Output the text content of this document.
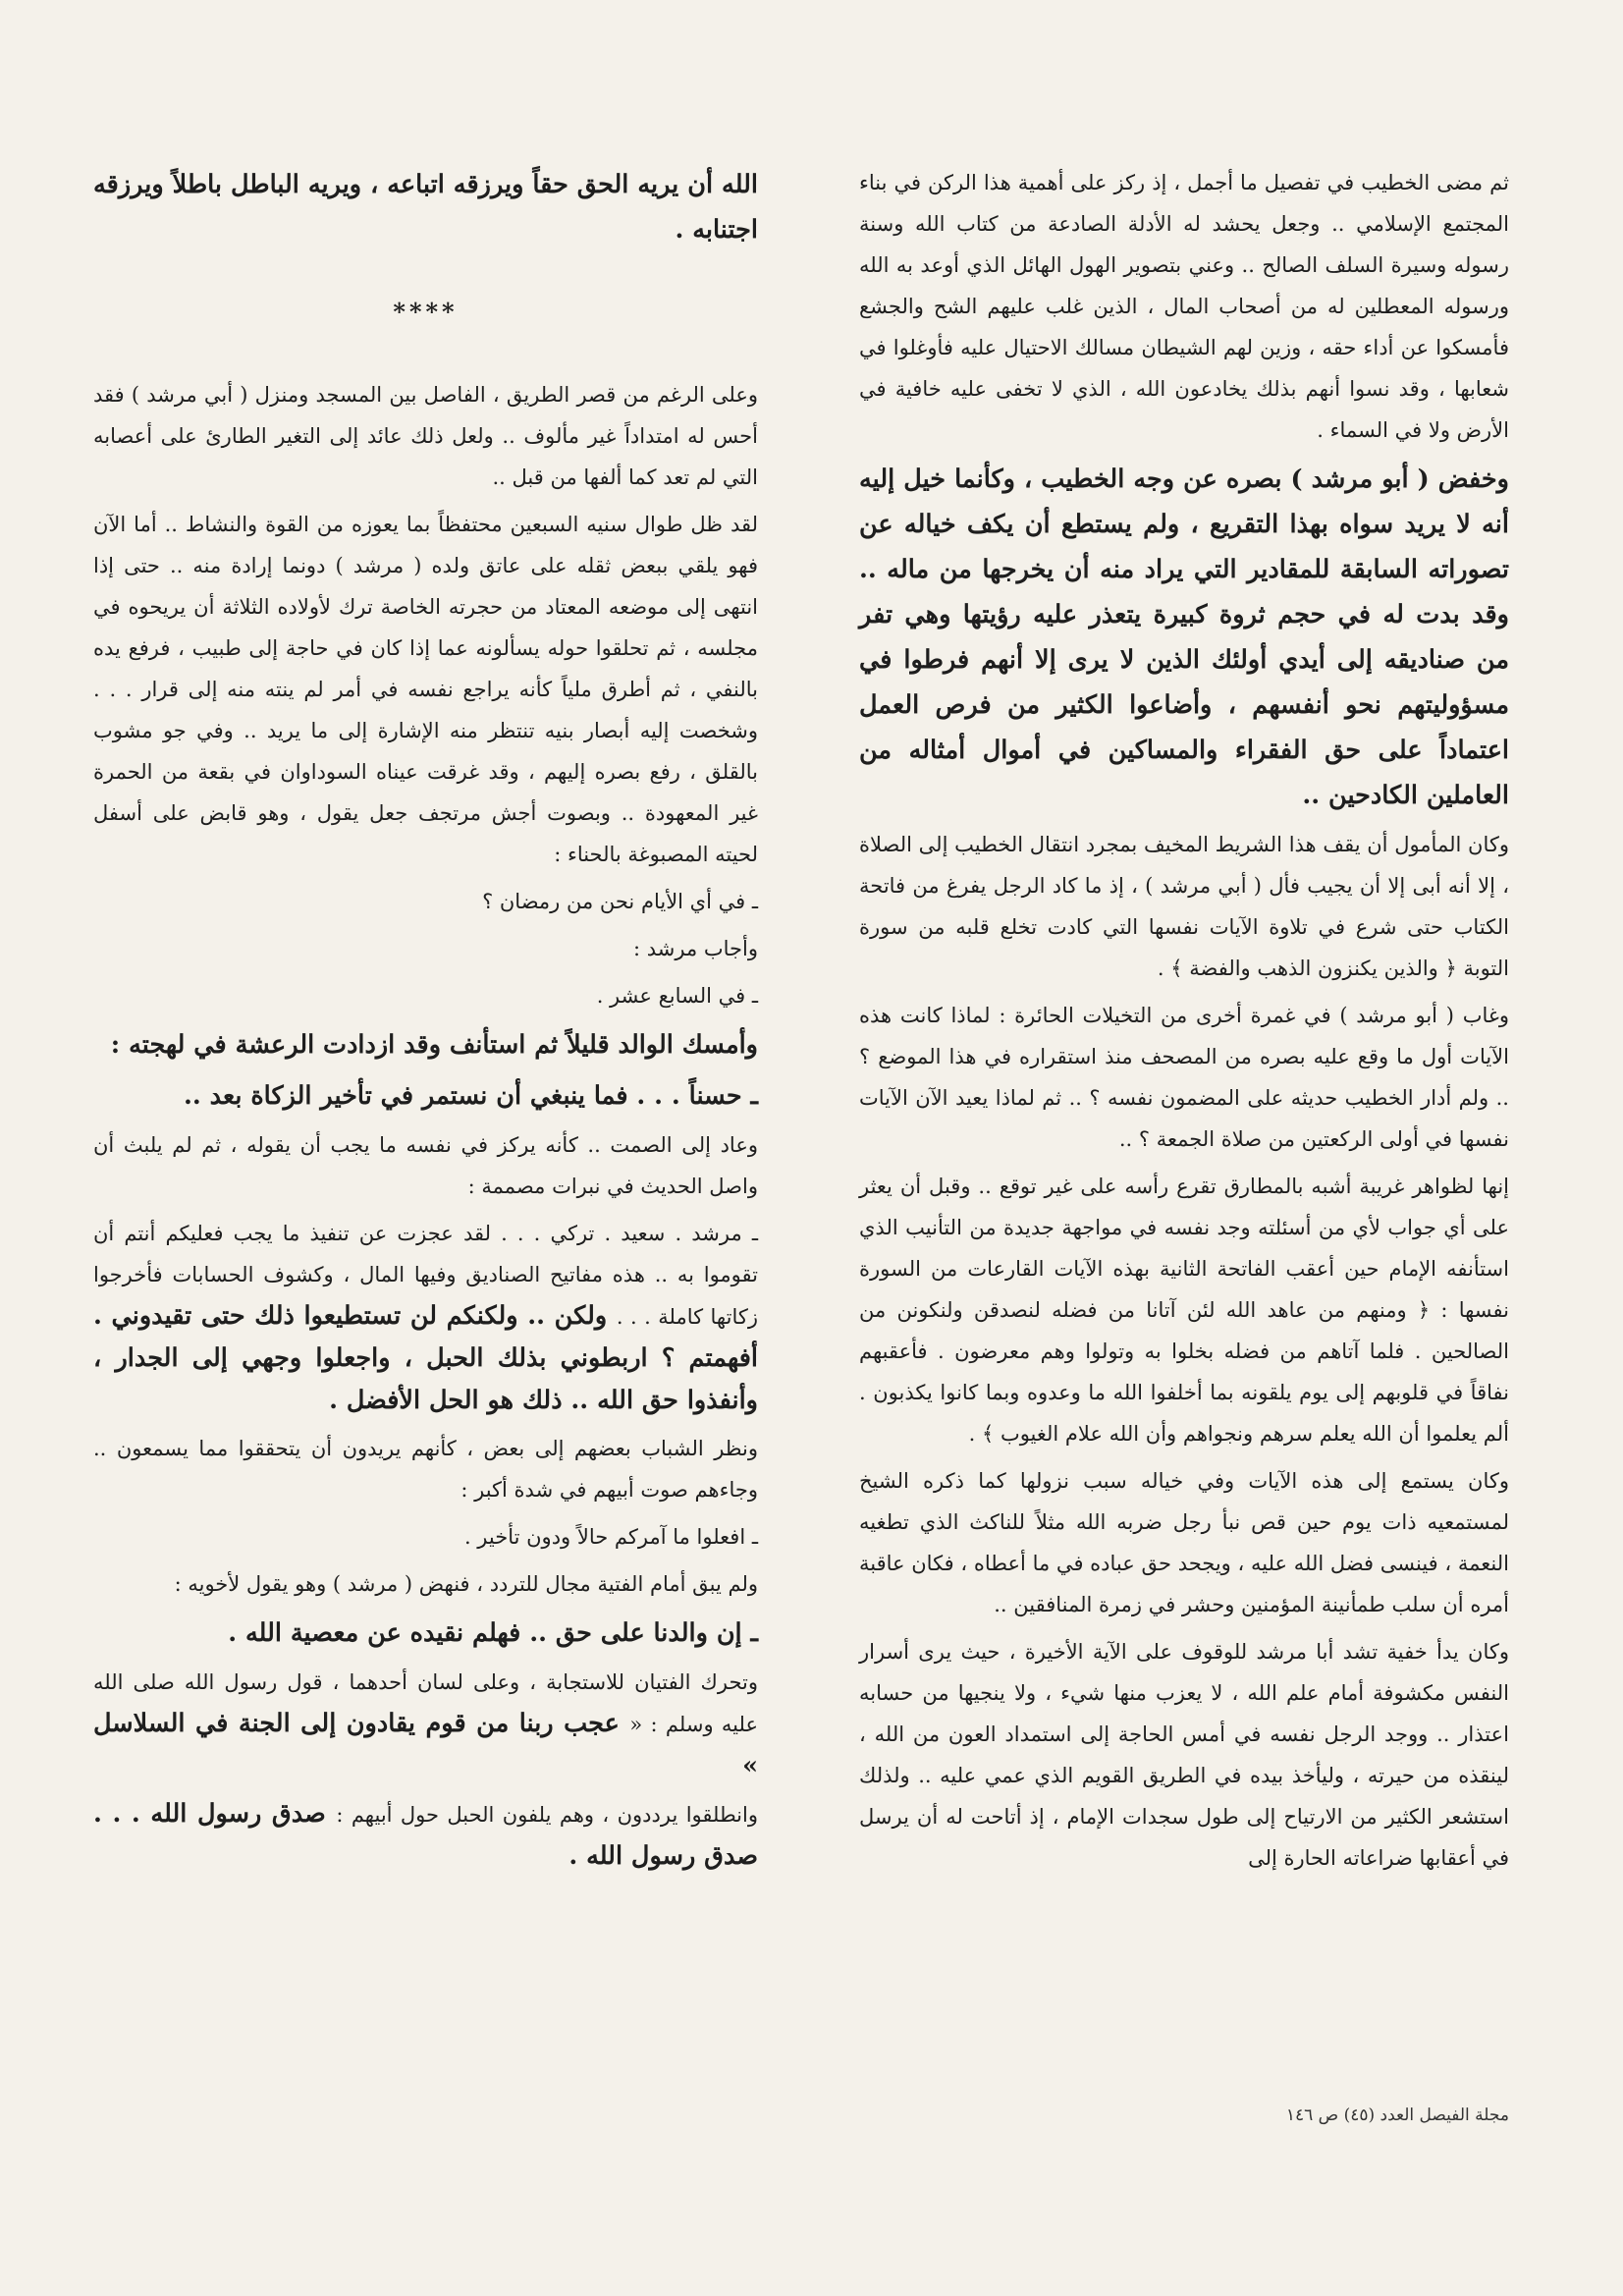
ثم مضى الخطيب في تفصيل ما أجمل ، إذ ركز على أهمية هذا الركن في بناء المجتمع الإسلامي .. وجعل يحشد له الأدلة الصادعة من كتاب الله وسنة رسوله وسيرة السلف الصالح .. وعني بتصوير الهول الهائل الذي أوعد به الله ورسوله المعطلين له من أصحاب المال ، الذين غلب عليهم الشح والجشع فأمسكوا عن أداء حقه ، وزين لهم الشيطان مسالك الاحتيال عليه فأوغلوا في شعابها ، وقد نسوا أنهم بذلك يخادعون الله ، الذي لا تخفى عليه خافية في الأرض ولا في السماء .

وخفض ( أبو مرشد ) بصره عن وجه الخطيب ، وكأنما خيل إليه أنه لا يريد سواه بهذا التقريع ، ولم يستطع أن يكف خياله عن تصوراته السابقة للمقادير التي يراد منه أن يخرجها من ماله .. وقد بدت له في حجم ثروة كبيرة يتعذر عليه رؤيتها وهي تفر من صناديقه إلى أيدي أولئك الذين لا يرى إلا أنهم فرطوا في مسؤوليتهم نحو أنفسهم ، وأضاعوا الكثير من فرص العمل اعتماداً على حق الفقراء والمساكين في أموال أمثاله من العاملين الكادحين ..

وكان المأمول أن يقف هذا الشريط المخيف بمجرد انتقال الخطيب إلى الصلاة ، إلا أنه أبى إلا أن يجيب فأل ( أبي مرشد ) ، إذ ما كاد الرجل يفرغ من فاتحة الكتاب حتى شرع في تلاوة الآيات نفسها التي كادت تخلع قلبه من سورة التوبة ﴿ والذين يكنزون الذهب والفضة ﴾ .

وغاب ( أبو مرشد ) في غمرة أخرى من التخيلات الحائرة : لماذا كانت هذه الآيات أول ما وقع عليه بصره من المصحف منذ استقراره في هذا الموضع ؟ .. ولم أدار الخطيب حديثه على المضمون نفسه ؟ .. ثم لماذا يعيد الآن الآيات نفسها في أولى الركعتين من صلاة الجمعة ؟ ..

إنها لظواهر غريبة أشبه بالمطارق تقرع رأسه على غير توقع .. وقبل أن يعثر على أي جواب لأي من أسئلته وجد نفسه في مواجهة جديدة من التأنيب الذي استأنفه الإمام حين أعقب الفاتحة الثانية بهذه الآيات القارعات من السورة نفسها : ﴿ ومنهم من عاهد الله لئن آتانا من فضله لنصدقن ولنكونن من الصالحين . فلما آتاهم من فضله بخلوا به وتولوا وهم معرضون . فأعقبهم نفاقاً في قلوبهم إلى يوم يلقونه بما أخلفوا الله ما وعدوه وبما كانوا يكذبون . ألم يعلموا أن الله يعلم سرهم ونجواهم وأن الله علام الغيوب ﴾ .

وكان يستمع إلى هذه الآيات وفي خياله سبب نزولها كما ذكره الشيخ لمستمعيه ذات يوم حين قص نبأ رجل ضربه الله مثلاً للناكث الذي تطغيه النعمة ، فينسى فضل الله عليه ، ويجحد حق عباده في ما أعطاه ، فكان عاقبة أمره أن سلب طمأنينة المؤمنين وحشر في زمرة المنافقين ..

وكان يدأ خفية تشد أبا مرشد للوقوف على الآية الأخيرة ، حيث يرى أسرار النفس مكشوفة أمام علم الله ، لا يعزب منها شيء ، ولا ينجيها من حسابه اعتذار .. ووجد الرجل نفسه في أمس الحاجة إلى استمداد العون من الله ، لينقذه من حيرته ، وليأخذ بيده في الطريق القويم الذي عمي عليه .. ولذلك استشعر الكثير من الارتياح إلى طول سجدات الإمام ، إذ أتاحت له أن يرسل في أعقابها ضراعاته الحارة إلى

الله أن يريه الحق حقاً ويرزقه اتباعه ، ويريه الباطل باطلاً ويرزقه اجتنابه .

****

وعلى الرغم من قصر الطريق ، الفاصل بين المسجد ومنزل ( أبي مرشد ) فقد أحس له امتداداً غير مألوف .. ولعل ذلك عائد إلى التغير الطارئ على أعصابه التي لم تعد كما ألفها من قبل ..

لقد ظل طوال سنيه السبعين محتفظاً بما يعوزه من القوة والنشاط .. أما الآن فهو يلقي ببعض ثقله على عاتق ولده ( مرشد ) دونما إرادة منه .. حتى إذا انتهى إلى موضعه المعتاد من حجرته الخاصة ترك لأولاده الثلاثة أن يريحوه في مجلسه ، ثم تحلقوا حوله يسألونه عما إذا كان في حاجة إلى طبيب ، فرفع يده بالنفي ، ثم أطرق ملياً كأنه يراجع نفسه في أمر لم ينته منه إلى قرار . . . وشخصت إليه أبصار بنيه تنتظر منه الإشارة إلى ما يريد .. وفي جو مشوب بالقلق ، رفع بصره إليهم ، وقد غرقت عيناه السوداوان في بقعة من الحمرة غير المعهودة .. وبصوت أجش مرتجف جعل يقول ، وهو قابض على أسفل لحيته المصبوغة بالحناء :

ـ في أي الأيام نحن من رمضان ؟

وأجاب مرشد :

ـ في السابع عشر .

وأمسك الوالد قليلاً ثم استأنف وقد ازدادت الرعشة في لهجته :

ـ حسناً . . . فما ينبغي أن نستمر في تأخير الزكاة بعد ..

وعاد إلى الصمت .. كأنه يركز في نفسه ما يجب أن يقوله ، ثم لم يلبث أن واصل الحديث في نبرات مصممة :

ـ مرشد . سعيد . تركي . . . لقد عجزت عن تنفيذ ما يجب فعليكم أنتم أن تقوموا به .. هذه مفاتيح الصناديق وفيها المال ، وكشوف الحسابات فأخرجوا زكاتها كاملة . . . ولكن .. ولكنكم لن تستطيعوا ذلك حتى تقيدوني . أفهمتم ؟ اربطوني بذلك الحبل ، واجعلوا وجهي إلى الجدار ، وأنفذوا حق الله .. ذلك هو الحل الأفضل .

ونظر الشباب بعضهم إلى بعض ، كأنهم يريدون أن يتحققوا مما يسمعون .. وجاءهم صوت أبيهم في شدة أكبر :

ـ افعلوا ما آمركم حالاً ودون تأخير .

ولم يبق أمام الفتية مجال للتردد ، فنهض ( مرشد ) وهو يقول لأخويه :

ـ إن والدنا على حق .. فهلم نقيده عن معصية الله .

وتحرك الفتيان للاستجابة ، وعلى لسان أحدهما ، قول رسول الله صلى الله عليه وسلم : « عجب ربنا من قوم يقادون إلى الجنة في السلاسل »

وانطلقوا يرددون ، وهم يلفون الحبل حول أبيهم : صدق رسول الله . . . صدق رسول الله .

مجلة الفيصل العدد (٤٥) ص ١٤٦
